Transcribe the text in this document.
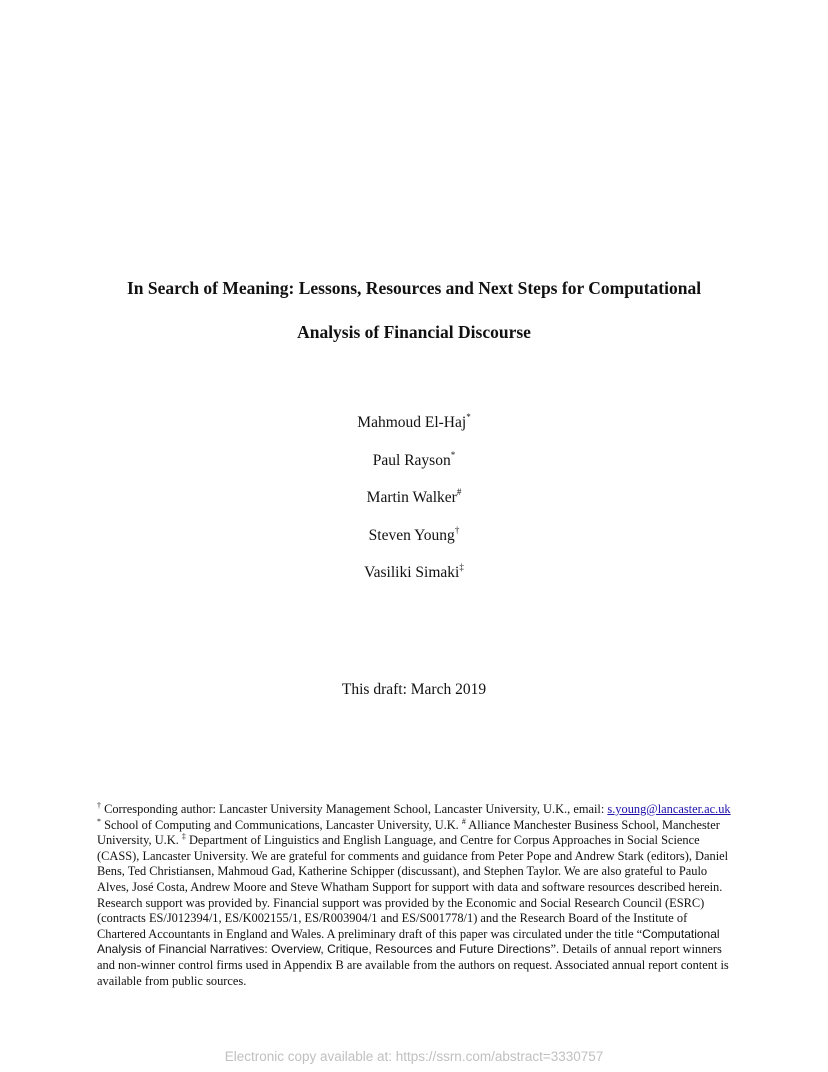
In Search of Meaning: Lessons, Resources and Next Steps for Computational
Analysis of Financial Discourse
Mahmoud El-Haj*
Paul Rayson*
Martin Walker#
Steven Young†
Vasiliki Simaki‡
This draft: March 2019
† Corresponding author: Lancaster University Management School, Lancaster University, U.K., email: s.young@lancaster.ac.uk * School of Computing and Communications, Lancaster University, U.K. # Alliance Manchester Business School, Manchester University, U.K. ‡ Department of Linguistics and English Language, and Centre for Corpus Approaches in Social Science (CASS), Lancaster University. We are grateful for comments and guidance from Peter Pope and Andrew Stark (editors), Daniel Bens, Ted Christiansen, Mahmoud Gad, Katherine Schipper (discussant), and Stephen Taylor. We are also grateful to Paulo Alves, José Costa, Andrew Moore and Steve Whatham Support for support with data and software resources described herein. Research support was provided by. Financial support was provided by the Economic and Social Research Council (ESRC) (contracts ES/J012394/1, ES/K002155/1, ES/R003904/1 and ES/S001778/1) and the Research Board of the Institute of Chartered Accountants in England and Wales. A preliminary draft of this paper was circulated under the title “Computational Analysis of Financial Narratives: Overview, Critique, Resources and Future Directions”. Details of annual report winners and non-winner control firms used in Appendix B are available from the authors on request. Associated annual report content is available from public sources.
Electronic copy available at: https://ssrn.com/abstract=3330757
